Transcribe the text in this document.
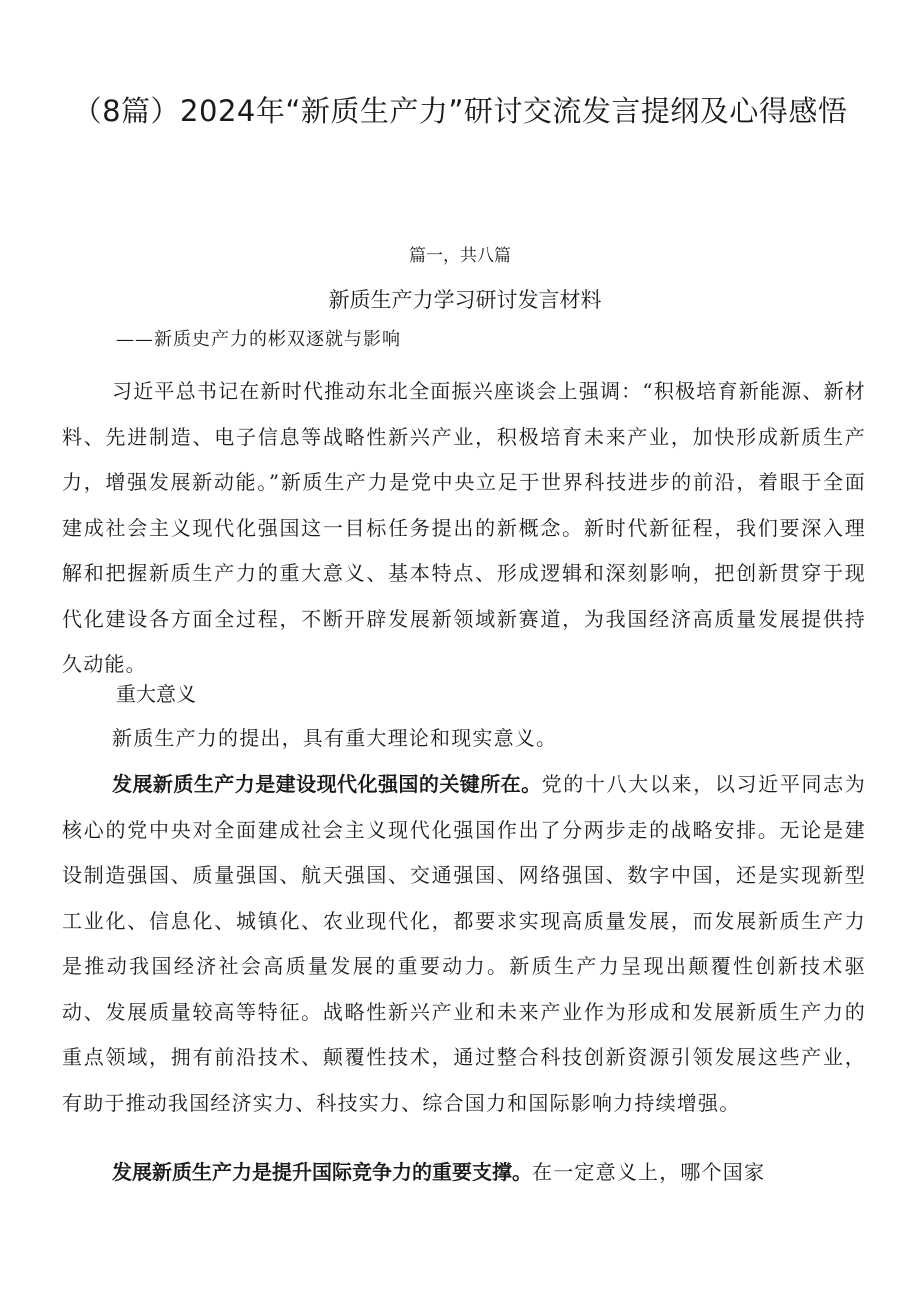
（8篇）2024年“新质生产力”研讨交流发言提纲及心得感悟
篇一，共八篇
新质生产力学习研讨发言材料
——新质史产力的彬双逐就与影响

习近平总书记在新时代推动东北全面振兴座谈会上强调：“积极培育新能源、新材料、先进制造、电子信息等战略性新兴产业，积极培育未来产业，加快形成新质生产力，增强发展新动能。”新质生产力是党中央立足于世界科技进步的前沿，着眼于全面建成社会主义现代化强国这一目标任务提出的新概念。新时代新征程，我们要深入理解和把握新质生产力的重大意义、基本特点、形成逻辑和深刻影响，把创新贯穿于现代化建设各方面全过程，不断开辟发展新领域新赛道，为我国经济高质量发展提供持久动能。

重大意义

新质生产力的提出，具有重大理论和现实意义。

发展新质生产力是建设现代化强国的关键所在。党的十八大以来，以习近平同志为核心的党中央对全面建成社会主义现代化强国作出了分两步走的战略安排。无论是建设制造强国、质量强国、航天强国、交通强国、网络强国、数字中国，还是实现新型工业化、信息化、城镇化、农业现代化，都要求实现高质量发展，而发展新质生产力是推动我国经济社会高质量发展的重要动力。新质生产力呈现出颠覆性创新技术驱动、发展质量较高等特征。战略性新兴产业和未来产业作为形成和发展新质生产力的重点领域，拥有前沿技术、颠覆性技术，通过整合科技创新资源引领发展这些产业，有助于推动我国经济实力、科技实力、综合国力和国际影响力持续增强。

发展新质生产力是提升国际竞争力的重要支撑。在一定意义上，哪个国家
